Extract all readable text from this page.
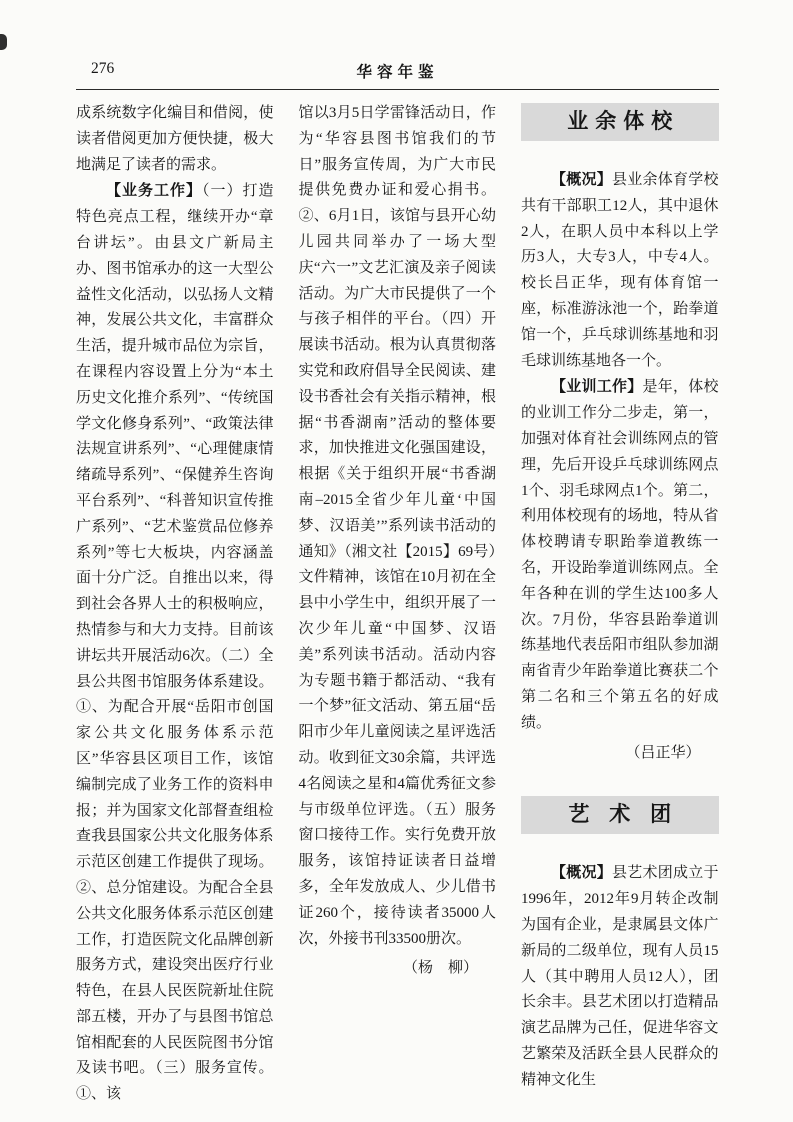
276	华容年鉴

成系统数字化编目和借阅，使读者借阅更加方便快捷，极大地满足了读者的需求。

【业务工作】（一）打造特色亮点工程，继续开办“章台讲坛”。由县文广新局主办、图书馆承办的这一大型公益性文化活动，以弘扬人文精神，发展公共文化，丰富群众生活，提升城市品位为宗旨，在课程内容设置上分为“本土历史文化推介系列”、“传统国学文化修身系列”、“政策法律法规宣讲系列”、“心理健康情绪疏导系列”、“保健养生咨询平台系列”、“科普知识宣传推广系列”、“艺术鉴赏品位修养系列”等七大板块，内容涵盖面十分广泛。自推出以来，得到社会各界人士的积极响应，热情参与和大力支持。目前该讲坛共开展活动6次。（二）全县公共图书馆服务体系建设。①、为配合开展“岳阳市创国家公共文化服务体系示范区”华容县区项目工作，该馆编制完成了业务工作的资料申报；并为国家文化部督查组检查我县国家公共文化服务体系示范区创建工作提供了现场。②、总分馆建设。为配合全县公共文化服务体系示范区创建工作，打造医院文化品牌创新服务方式，建设突出医疗行业特色，在县人民医院新址住院部五楼，开办了与县图书馆总馆相配套的人民医院图书分馆及读书吧。（三）服务宣传。①、该

馆以3月5日学雷锋活动日，作为“华容县图书馆我们的节日”服务宣传周，为广大市民提供免费办证和爱心捐书。②、6月1日，该馆与县开心幼儿园共同举办了一场大型庆“六一”文艺汇演及亲子阅读活动。为广大市民提供了一个与孩子相伴的平台。（四）开展读书活动。根为认真贯彻落实党和政府倡导全民阅读、建设书香社会有关指示精神，根据“书香湖南”活动的整体要求，加快推进文化强国建设，根据《关于组织开展“书香湖南–2015全省少年儿童‘中国梦、汉语美’”系列读书活动的通知》（湘文社【2015】69号）文件精神，该馆在10月初在全县中小学生中，组织开展了一次少年儿童“中国梦、汉语美”系列读书活动。活动内容为专题书籍于都活动、“我有一个梦”征文活动、第五届“岳阳市少年儿童阅读之星评选活动。收到征文30余篇，共评选4名阅读之星和4篇优秀征文参与市级单位评选。（五）服务窗口接待工作。实行免费开放服务，该馆持证读者日益增多，全年发放成人、少儿借书证260个，接待读者35000人次，外接书刊33500册次。

（杨　柳）

业余体校

【概况】县业余体育学校共有干部职工12人，其中退休2人，在职人员中本科以上学历3人，大专3人，中专4人。校长吕正华，现有体育馆一座，标准游泳池一个，跆拳道馆一个，乒乓球训练基地和羽毛球训练基地各一个。

【业训工作】是年，体校的业训工作分二步走，第一，加强对体育社会训练网点的管理，先后开设乒乓球训练网点1个、羽毛球网点1个。第二，利用体校现有的场地，特从省体校聘请专职跆拳道教练一名，开设跆拳道训练网点。全年各种在训的学生达100多人次。7月份，华容县跆拳道训练基地代表岳阳市组队参加湖南省青少年跆拳道比赛获二个第二名和三个第五名的好成绩。

（吕正华）

艺 术 团

【概况】县艺术团成立于1996年，2012年9月转企改制为国有企业，是隶属县文体广新局的二级单位，现有人员15人（其中聘用人员12人），团长余丰。县艺术团以打造精品演艺品牌为己任，促进华容文艺繁荣及活跃全县人民群众的精神文化生
